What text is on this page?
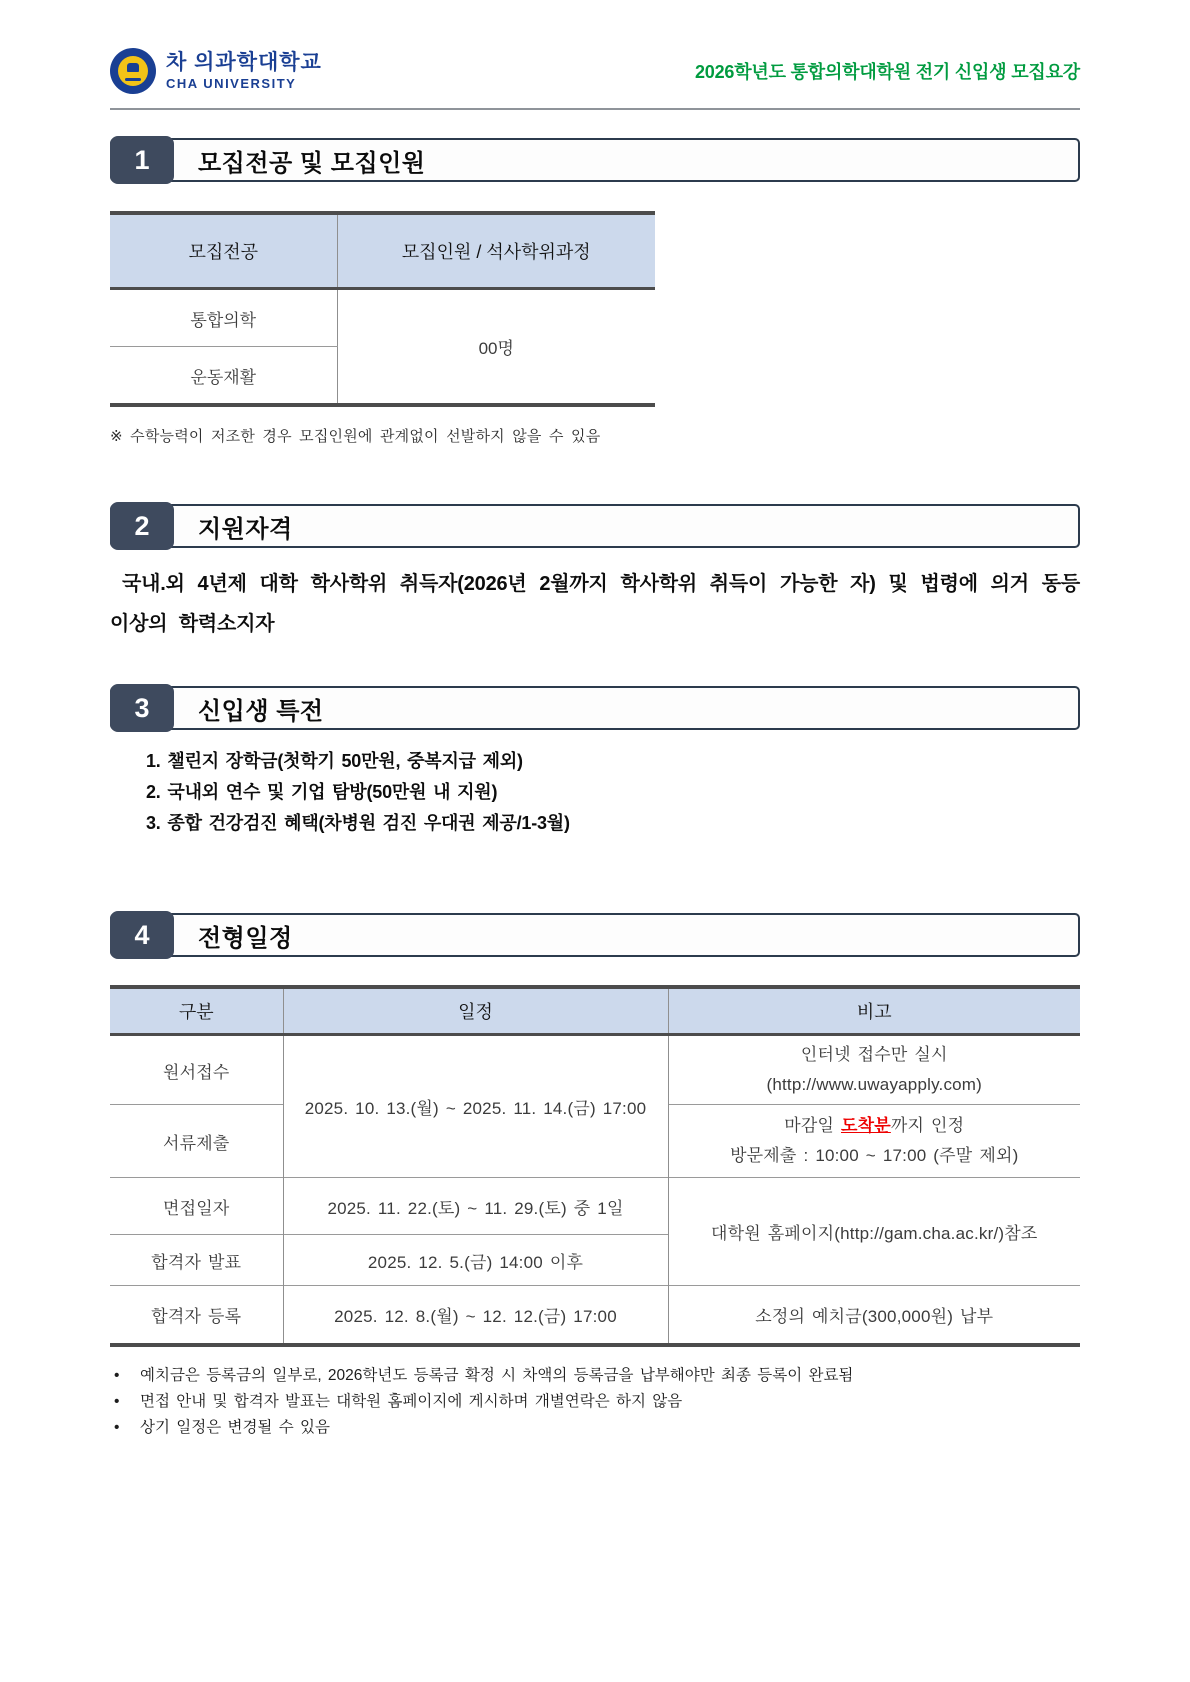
차 의과학대학교
CHA UNIVERSITY
2026학년도 통합의학대학원 전기 신입생 모집요강
1	모집전공 및 모집인원
모집전공	모집인원 / 석사학위과정
통합의학	00명
운동재활	
※ 수학능력이 저조한 경우 모집인원에 관계없이 선발하지 않을 수 있음
2	지원자격
국내.외 4년제 대학 학사학위 취득자(2026년 2월까지 학사학위 취득이 가능한 자) 및 법령에 의거 동등 이상의 학력소지자
3	신입생 특전
1. 챌린지 장학금(첫학기 50만원, 중복지급 제외)
2. 국내외 연수 및 기업 탐방(50만원 내 지원)
3. 종합 건강검진 혜택(차병원 검진 우대권 제공/1-3월)
4	전형일정
구분	일정	비고
원서접수	2025. 10. 13.(월) ~ 2025. 11. 14.(금) 17:00	인터넷 접수만 실시
(http://www.uwayapply.com)

서류제출		마감일 도착분까지 인정
방문제출 : 10:00 ~ 17:00 (주말 제외)

면접일자	2025. 11. 22.(토) ~ 11. 29.(토) 중 1일	대학원 홈페이지(http://gam.cha.ac.kr/)참조
합격자 발표	2025. 12. 5.(금) 14:00 이후	
합격자 등록	2025. 12. 8.(월) ~ 12. 12.(금) 17:00	소정의 예치금(300,000원) 납부
•	예치금은 등록금의 일부로, 2026학년도 등록금 확정 시 차액의 등록금을 납부해야만 최종 등록이 완료됨
•	면접 안내 및 합격자 발표는 대학원 홈페이지에 게시하며 개별연락은 하지 않음
•	상기 일정은 변경될 수 있음
